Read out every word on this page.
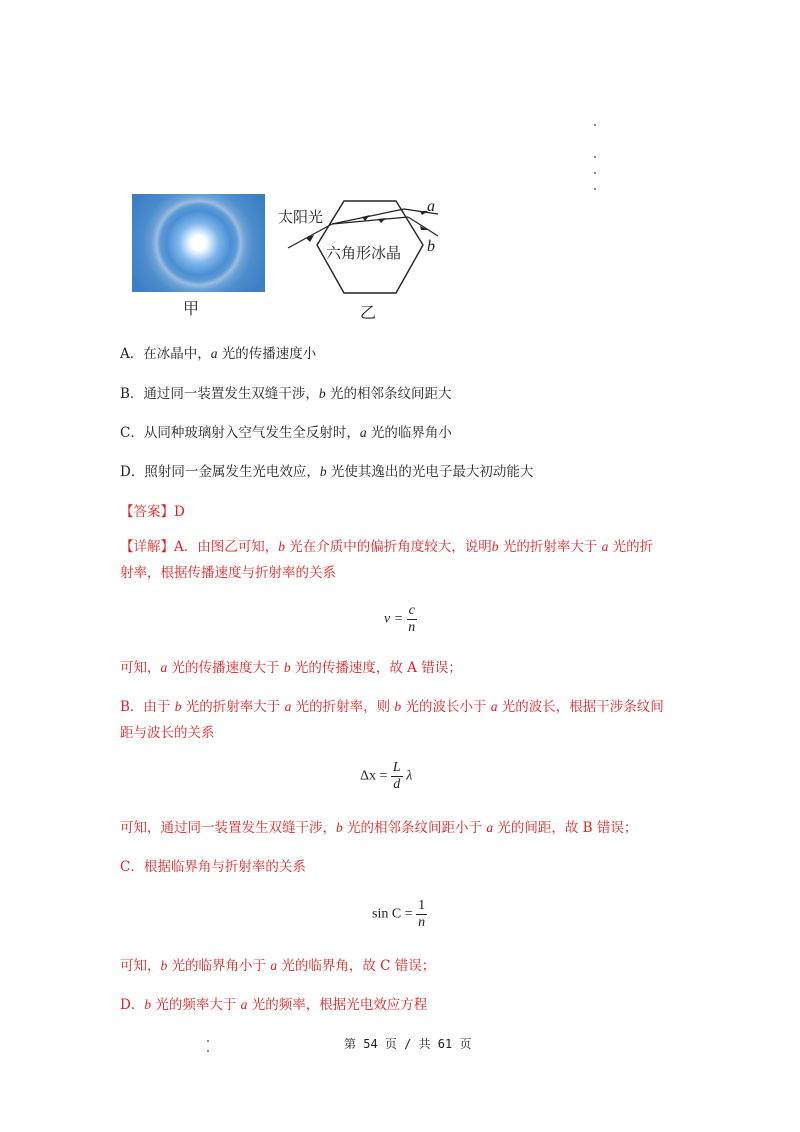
甲
太阳光
六角形冰晶
a
b
乙
A．在冰晶中，a 光的传播速度小
B．通过同一装置发生双缝干涉，b 光的相邻条纹间距大
C．从同种玻璃射入空气发生全反射时，a 光的临界角小
D．照射同一金属发生光电效应，b 光使其逸出的光电子最大初动能大
【答案】D
【详解】A．由图乙可知，b 光在介质中的偏折角度较大，说明b 光的折射率大于 a 光的折
射率，根据传播速度与折射率的关系
$v = \frac{c}{n}$
可知，a 光的传播速度大于 b 光的传播速度，故 A 错误；
B．由于 b 光的折射率大于 a 光的折射率，则 b 光的波长小于 a 光的波长，根据干涉条纹间
距与波长的关系
$\Delta x = \frac{L}{d}$ λ
可知，通过同一装置发生双缝干涉，b 光的相邻条纹间距小于 a 光的间距，故 B 错误；
C．根据临界角与折射率的关系
$\sin C = \frac{1}{n}$
可知，b 光的临界角小于 a 光的临界角，故 C 错误；
D．b 光的频率大于 a 光的频率，根据光电效应方程
第 54 页 / 共 61 页
